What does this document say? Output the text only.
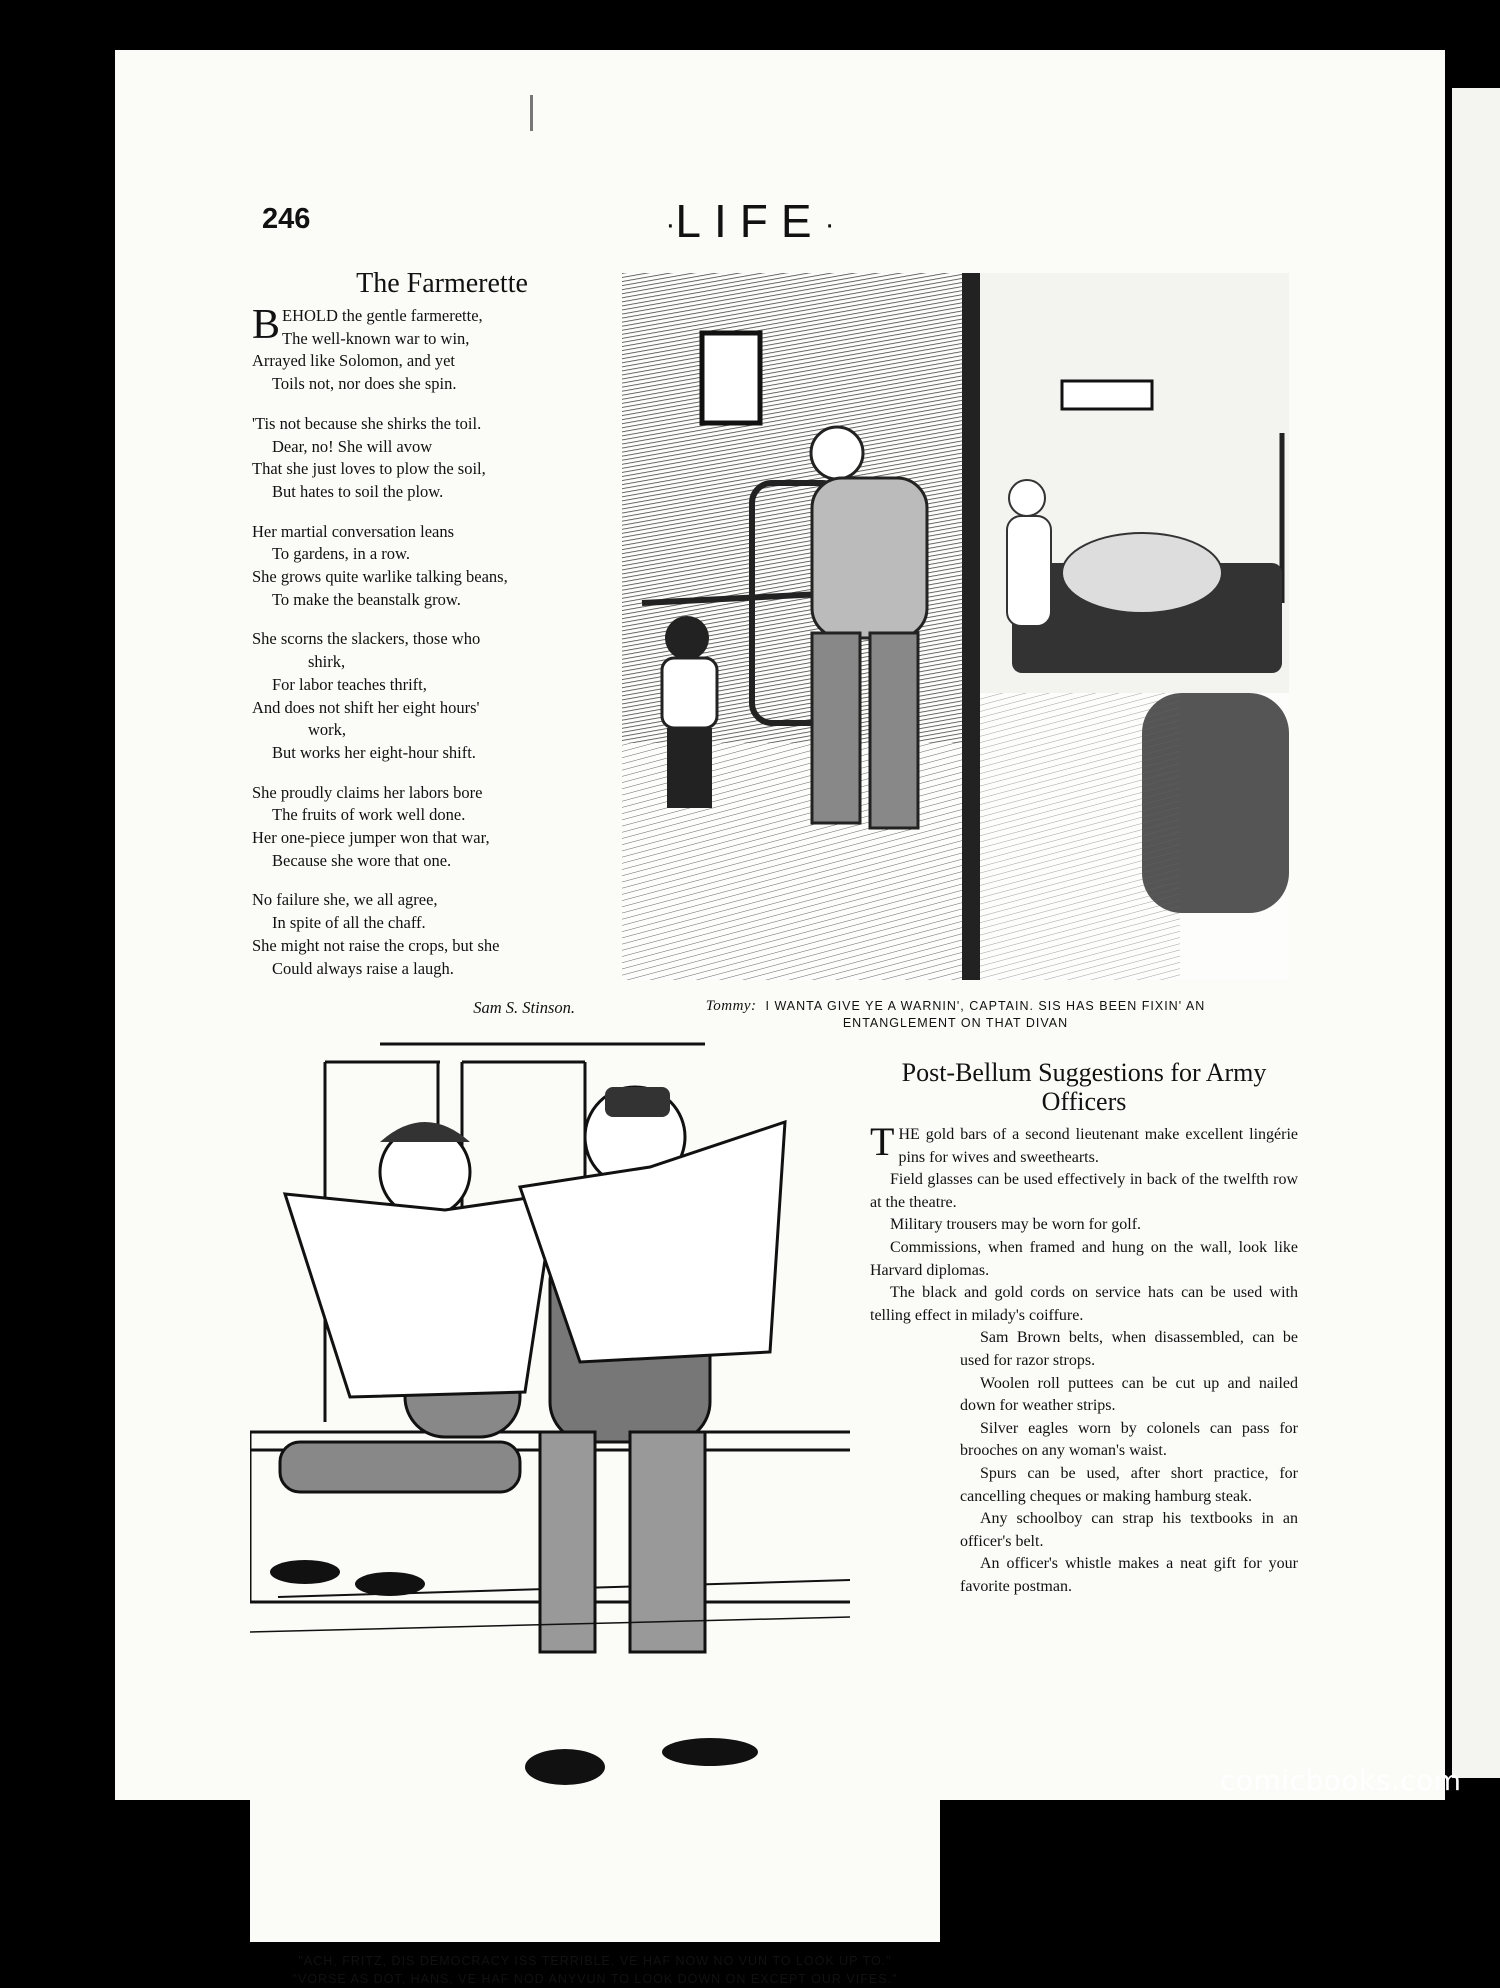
246	·LIFE·
The Farmerette
B EHOLD the gentle farmerette,
The well-known war to win,
Arrayed like Solomon, and yet
Toils not, nor does she spin.
'Tis not because she shirks the toil.
Dear, no! She will avow
That she just loves to plow the soil,
But hates to soil the plow.
Her martial conversation leans
To gardens, in a row.
She grows quite warlike talking beans,
To make the beanstalk grow.
She scorns the slackers, those who
shirk,
For labor teaches thrift,
And does not shift her eight hours'
work,
But works her eight-hour shift.
She proudly claims her labors bore
The fruits of work well done.
Her one-piece jumper won that war,
Because she wore that one.
No failure she, we all agree,
In spite of all the chaff.
She might not raise the crops, but she
Could always raise a laugh.
Sam S. Stinson.	Tommy: I WANTA GIVE YE A WARNIN', CAPTAIN. SIS HAS BEEN FIXIN' AN
ENTANGLEMENT ON THAT DIVAN
"ACH, FRITZ, DIS DEMOCRACY ISS TERRIBLE. VE HAF NOW NO VUN TO LOOK UP TO."
"VORSE AS DOT, HANS, VE HAF NOD ANYVUN TO LOOK DOWN ON EXCEPT OUR VIFES."
Post-Bellum Suggestions for Army Officers

THE gold bars of a second lieutenant make excellent lingérie pins for wives and sweethearts.

Field glasses can be used effectively in back of the twelfth row at the theatre.

Military trousers may be worn for golf.

Commissions, when framed and hung on the wall, look like Harvard diplomas.

The black and gold cords on service hats can be used with telling effect in milady's coiffure.

Sam Brown belts, when disassembled, can be used for razor strops.

Woolen roll puttees can be cut up and nailed down for weather strips.

Silver eagles worn by colonels can pass for brooches on any woman's waist.

Spurs can be used, after short practice, for cancelling cheques or making hamburg steak.

Any schoolboy can strap his textbooks in an officer's belt.

An officer's whistle makes a neat gift for your favorite postman.

comicbooks.com
